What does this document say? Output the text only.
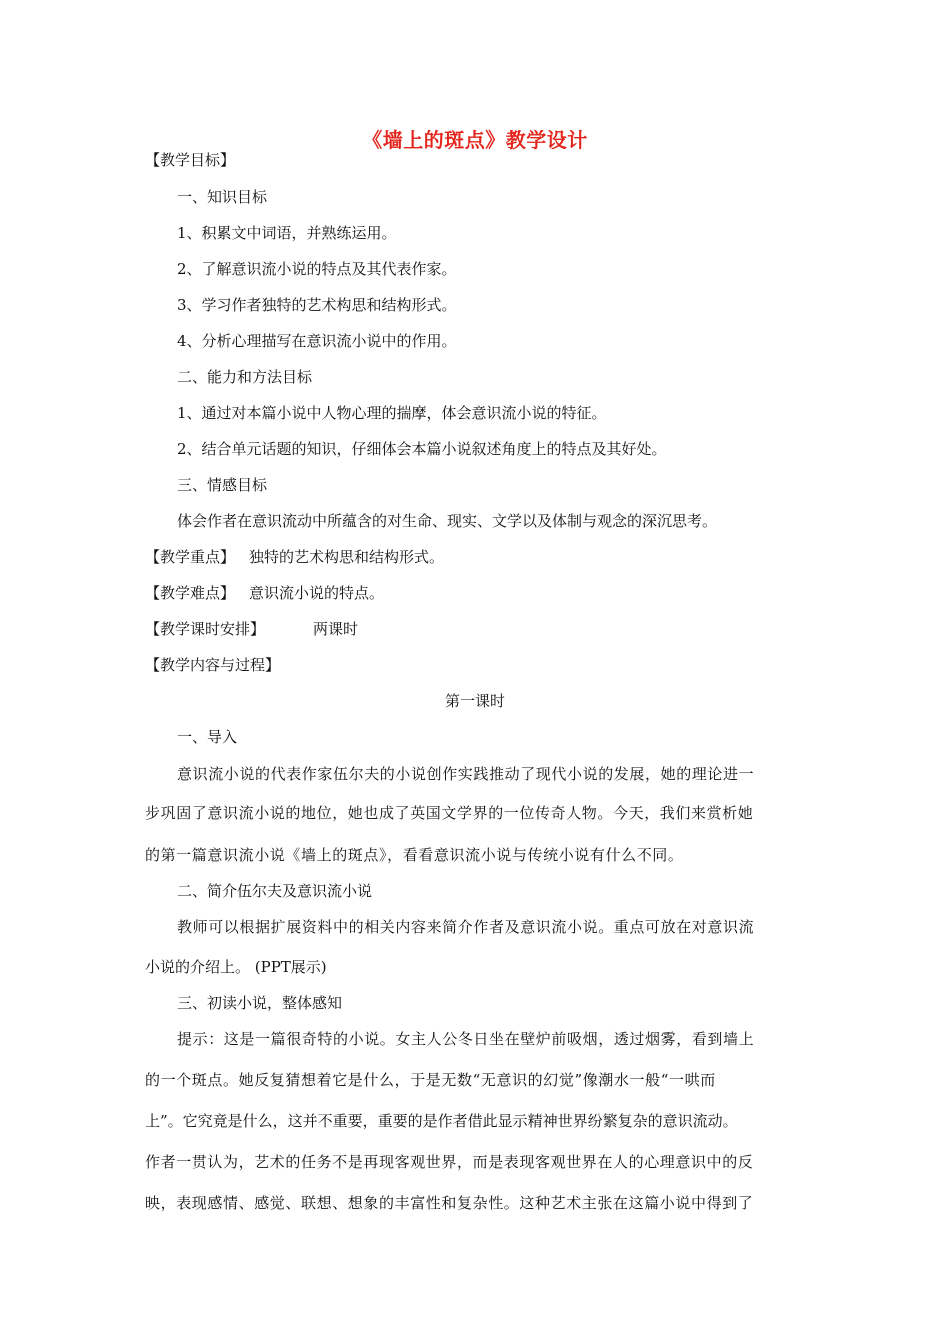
《墙上的斑点》教学设计
【教学目标】
一、知识目标
1、积累文中词语，并熟练运用。
2、了解意识流小说的特点及其代表作家。
3、学习作者独特的艺术构思和结构形式。
4、分析心理描写在意识流小说中的作用。
二、能力和方法目标
1、通过对本篇小说中人物心理的揣摩，体会意识流小说的特征。
2、结合单元话题的知识，仔细体会本篇小说叙述角度上的特点及其好处。
三、情感目标
体会作者在意识流动中所蕴含的对生命、现实、文学以及体制与观念的深沉思考。
【教学重点】 独特的艺术构思和结构形式。
【教学难点】 意识流小说的特点。
【教学课时安排】	两课时
【教学内容与过程】
第一课时
一、导入
意识流小说的代表作家伍尔夫的小说创作实践推动了现代小说的发展，她的理论进一
步巩固了意识流小说的地位，她也成了英国文学界的一位传奇人物。今天，我们来赏析她
的第一篇意识流小说《墙上的斑点》，看看意识流小说与传统小说有什么不同。
二、简介伍尔夫及意识流小说
教师可以根据扩展资料中的相关内容来简介作者及意识流小说。重点可放在对意识流
小说的介绍上。 (PPT展示)
三、初读小说，整体感知
提示：这是一篇很奇特的小说。女主人公冬日坐在壁炉前吸烟，透过烟雾，看到墙上
的一个斑点。她反复猜想着它是什么，于是无数“无意识的幻觉”像潮水一般“一哄而
上”。它究竟是什么，这并不重要，重要的是作者借此显示精神世界纷繁复杂的意识流动。
作者一贯认为，艺术的任务不是再现客观世界，而是表现客观世界在人的心理意识中的反
映，表现感情、感觉、联想、想象的丰富性和复杂性。这种艺术主张在这篇小说中得到了
